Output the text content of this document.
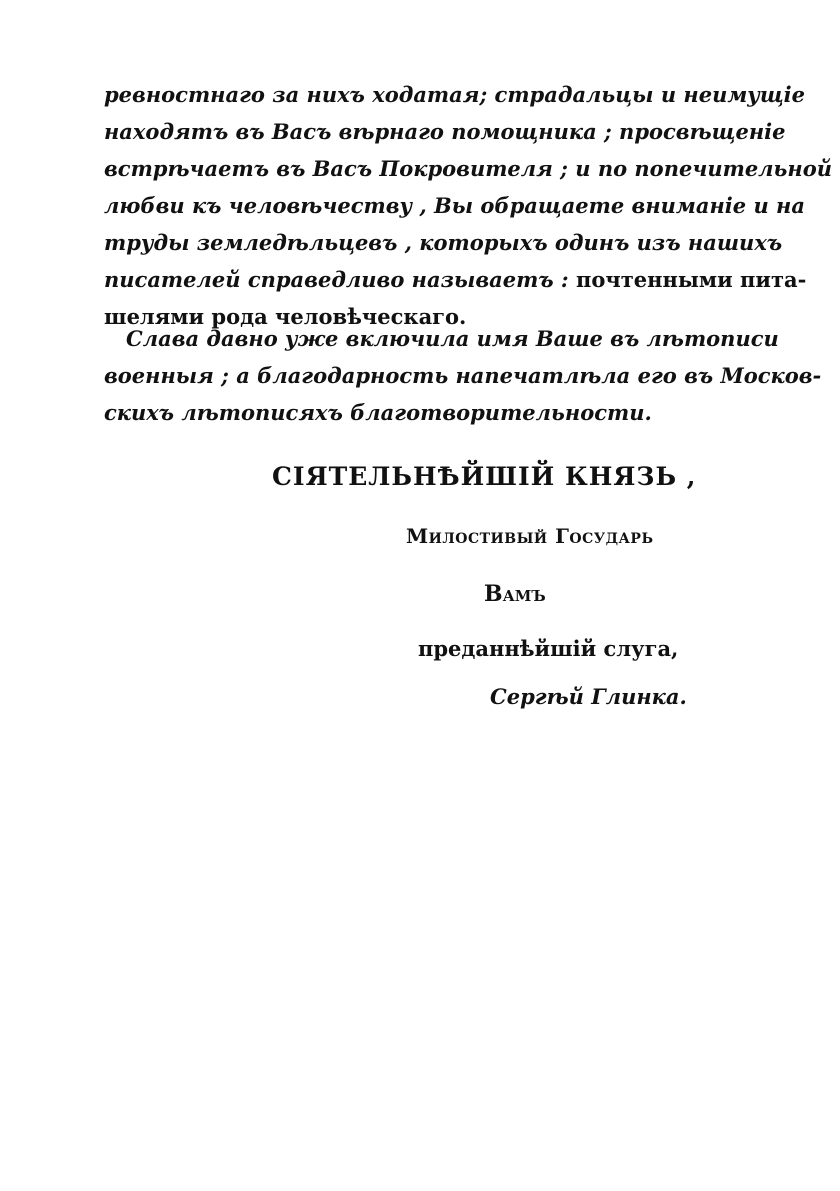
ревностнаго за нихъ ходатая; страдальцы и неимущіе
находятъ въ Васъ вѣрнаго помощника ; просвѣщеніе
встрѣчаетъ въ Васъ Покровителя ; и по попечительной
любви къ человѣчеству , Вы обращаете вниманіе и на
труды земледѣльцевъ , которыхъ одинъ изъ нашихъ
писателей справедливо называетъ : почтенными пита-
шелями рода человѣческаго.
Слава давно уже включила имя Ваше въ лѣтописи
военныя ; а благодарность напечатлѣла его въ Москов-
скихъ лѣтописяхъ благотворительности.
СІЯТЕЛЬНѢЙШІЙ КНЯЗЬ ,
Милостивый Государь
Вамъ
преданнѣйшій слуга,
Сергѣй Глинка.
